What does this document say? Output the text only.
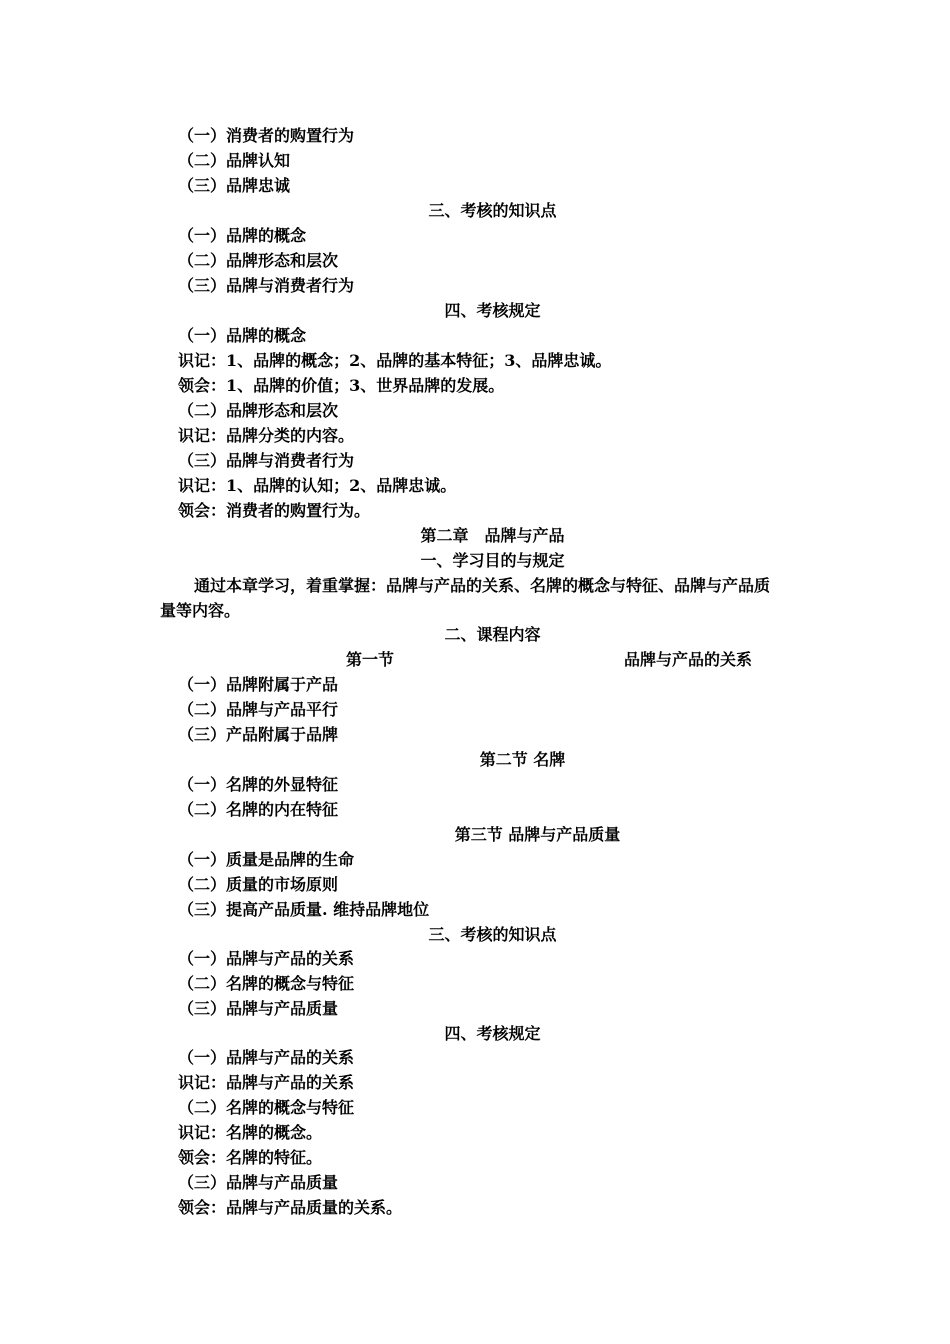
（一）消费者的购置行为
（二）品牌认知
（三）品牌忠诚
三、考核的知识点
（一）品牌的概念
（二）品牌形态和层次
（三）品牌与消费者行为
四、考核规定
（一）品牌的概念
识记：1、品牌的概念；2、品牌的基本特征；3、品牌忠诚。
领会：1、品牌的价值；3、世界品牌的发展。
（二）品牌形态和层次
识记：品牌分类的内容。
（三）品牌与消费者行为
识记：1、品牌的认知；2、品牌忠诚。
领会：消费者的购置行为。
第二章　品牌与产品
一、学习目的与规定
通过本章学习，着重掌握：品牌与产品的关系、名牌的概念与特征、品牌与产品质量等内容。
二、课程内容
第一节	品牌与产品的关系
（一）品牌附属于产品
（二）品牌与产品平行
（三）产品附属于品牌
第二节 名牌
（一）名牌的外显特征
（二）名牌的内在特征
第三节 品牌与产品质量
（一）质量是品牌的生命
（二）质量的市场原则
（三）提高产品质量. 维持品牌地位
三、考核的知识点
（一）品牌与产品的关系
（二）名牌的概念与特征
（三）品牌与产品质量
四、考核规定
（一）品牌与产品的关系
识记：品牌与产品的关系
（二）名牌的概念与特征
识记：名牌的概念。
领会：名牌的特征。
（三）品牌与产品质量
领会：品牌与产品质量的关系。
